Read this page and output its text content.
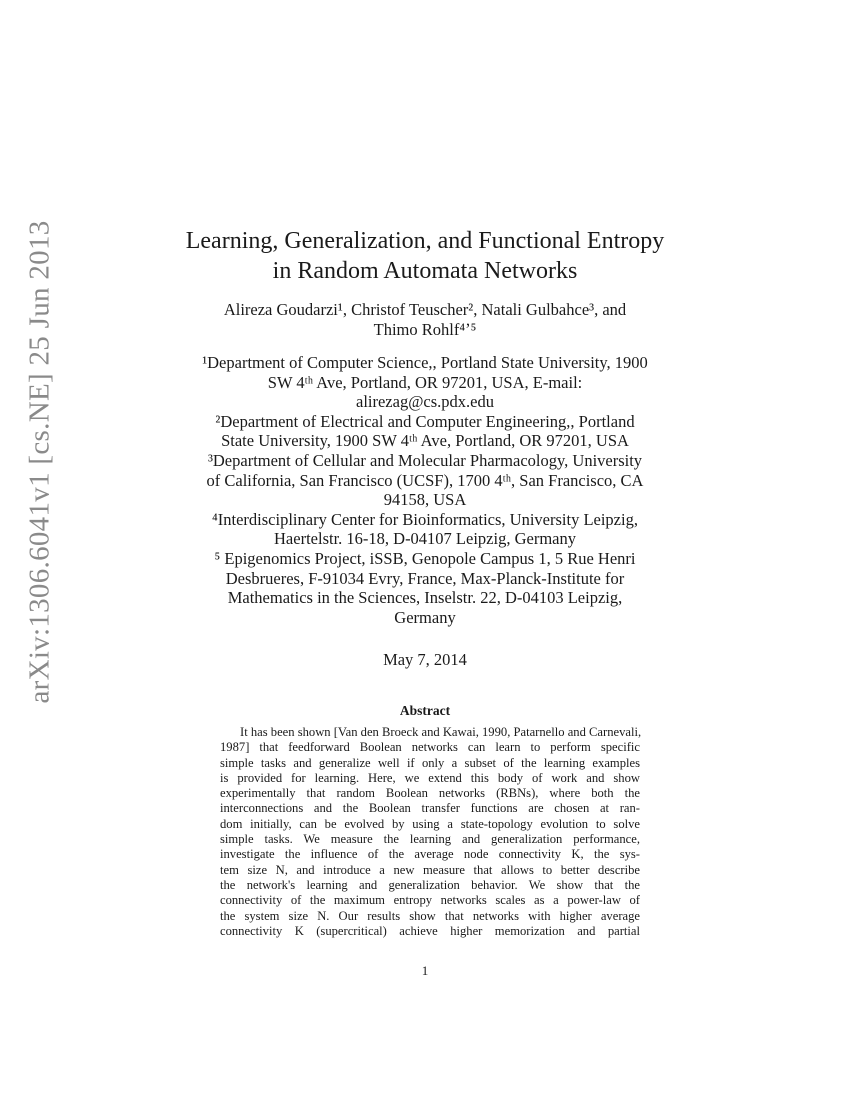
arXiv:1306.6041v1 [cs.NE] 25 Jun 2013	Learning, Generalization, and Functional Entropy
in Random Automata Networks
Alireza Goudarzi¹, Christof Teuscher², Natali Gulbahce³, and
Thimo Rohlf⁴ʼ⁵
¹Department of Computer Science,, Portland State University, 1900
SW 4ᵗʰ Ave, Portland, OR 97201, USA, E-mail:
alirezag@cs.pdx.edu
²Department of Electrical and Computer Engineering,, Portland
State University, 1900 SW 4ᵗʰ Ave, Portland, OR 97201, USA
³Department of Cellular and Molecular Pharmacology, University
of California, San Francisco (UCSF), 1700 4ᵗʰ, San Francisco, CA
94158, USA
⁴Interdisciplinary Center for Bioinformatics, University Leipzig,
Haertelstr. 16-18, D-04107 Leipzig, Germany
⁵ Epigenomics Project, iSSB, Genopole Campus 1, 5 Rue Henri
Desbrueres, F-91034 Evry, France, Max-Planck-Institute for
Mathematics in the Sciences, Inselstr. 22, D-04103 Leipzig,
Germany
May 7, 2014
Abstract
It has been shown [Van den Broeck and Kawai, 1990, Patarnello and Carnevali,
1987] that feedforward Boolean networks can learn to perform specific
simple tasks and generalize well if only a subset of the learning examples
is provided for learning. Here, we extend this body of work and show
experimentally that random Boolean networks (RBNs), where both the
interconnections and the Boolean transfer functions are chosen at ran-
dom initially, can be evolved by using a state-topology evolution to solve
simple tasks. We measure the learning and generalization performance,
investigate the influence of the average node connectivity K, the sys-
tem size N, and introduce a new measure that allows to better describe
the network's learning and generalization behavior. We show that the
connectivity of the maximum entropy networks scales as a power-law of
the system size N. Our results show that networks with higher average
connectivity K (supercritical) achieve higher memorization and partial
1
